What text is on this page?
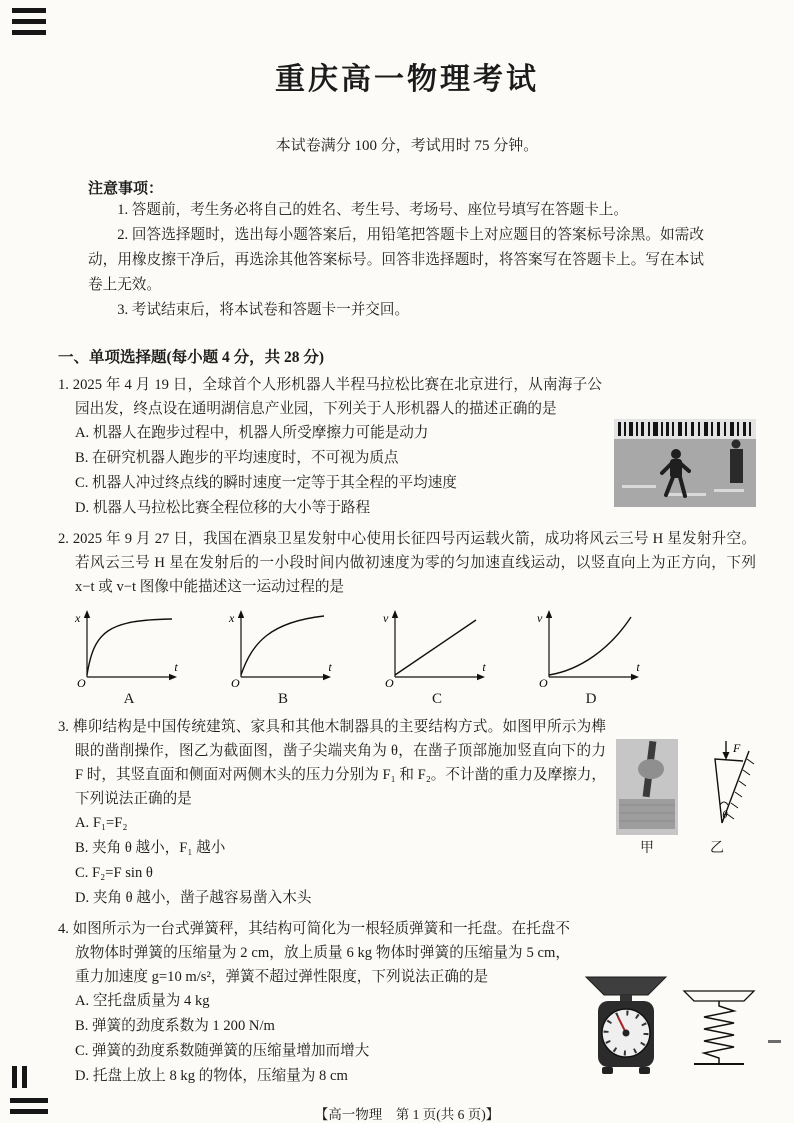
重庆高一物理考试
本试卷满分 100 分，考试用时 75 分钟。
注意事项：
1. 答题前，考生务必将自己的姓名、考生号、考场号、座位号填写在答题卡上。
2. 回答选择题时，选出每小题答案后，用铅笔把答题卡上对应题目的答案标号涂黑。如需改动，用橡皮擦干净后，再选涂其他答案标号。回答非选择题时，将答案写在答题卡上。写在本试卷上无效。
3. 考试结束后，将本试卷和答题卡一并交回。
一、单项选择题(每小题 4 分，共 28 分)
1. 2025 年 4 月 19 日，全球首个人形机器人半程马拉松比赛在北京进行，从南海子公园出发，终点设在通明湖信息产业园，下列关于人形机器人的描述正确的是
A. 机器人在跑步过程中，机器人所受摩擦力可能是动力
B. 在研究机器人跑步的平均速度时，不可视为质点
C. 机器人冲过终点线的瞬时速度一定等于其全程的平均速度
D. 机器人马拉松比赛全程位移的大小等于路程
2. 2025 年 9 月 27 日，我国在酒泉卫星发射中心使用长征四号丙运载火箭，成功将风云三号 H 星发射升空。若风云三号 H 星在发射后的一小段时间内做初速度为零的匀加速直线运动，以竖直向上为正方向，下列 x−t 或 v−t 图像中能描述这一运动过程的是
x
t
O
A
x
t
O
B
v
t
O
C
v
t
O
D
F
θ
甲	乙
3. 榫卯结构是中国传统建筑、家具和其他木制器具的主要结构方式。如图甲所示为榫眼的凿削操作，图乙为截面图，凿子尖端夹角为 θ，在凿子顶部施加竖直向下的力 F 时，其竖直面和侧面对两侧木头的压力分别为 F₁ 和 F₂。不计凿的重力及摩擦力，下列说法正确的是
A. F₁=F₂
B. 夹角 θ 越小，F₁ 越小
C. F₂=F sin θ
D. 夹角 θ 越小，凿子越容易凿入木头
4. 如图所示为一台式弹簧秤，其结构可简化为一根轻质弹簧和一托盘。在托盘不放物体时弹簧的压缩量为 2 cm，放上质量 6 kg 物体时弹簧的压缩量为 5 cm，重力加速度 g=10 m/s²，弹簧不超过弹性限度，下列说法正确的是
A. 空托盘质量为 4 kg
B. 弹簧的劲度系数为 1 200 N/m
C. 弹簧的劲度系数随弹簧的压缩量增加而增大
D. 托盘上放上 8 kg 的物体，压缩量为 8 cm
【高一物理　第 1 页(共 6 页)】
